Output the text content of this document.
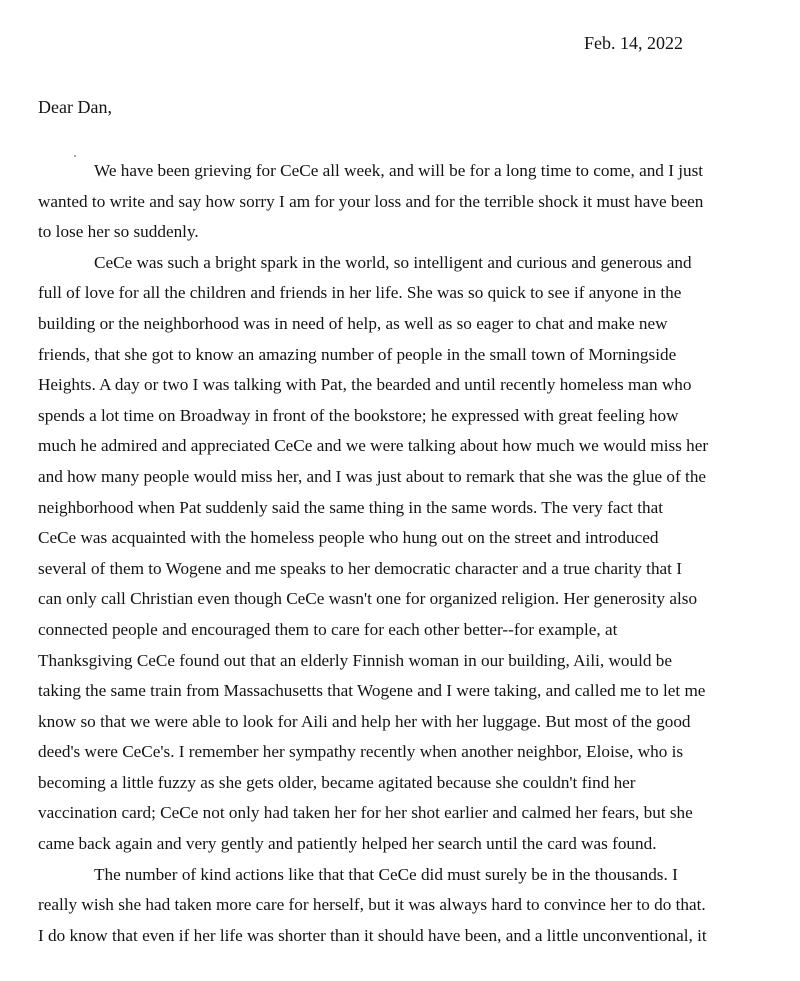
Feb. 14, 2022
Dear Dan,
We have been grieving for CeCe all week, and will be for a long time to come, and I just
wanted to write and say how sorry I am for your loss and for the terrible shock it must have been
to lose her so suddenly.
CeCe was such a bright spark in the world, so intelligent and curious and generous and
full of love for all the children and friends in her life. She was so quick to see if anyone in the
building or the neighborhood was in need of help, as well as so eager to chat and make new
friends, that she got to know an amazing number of people in the small town of Morningside
Heights. A day or two I was talking with Pat, the bearded and until recently homeless man who
spends a lot time on Broadway in front of the bookstore; he expressed with great feeling how
much he admired and appreciated CeCe and we were talking about how much we would miss her
and how many people would miss her, and I was just about to remark that she was the glue of the
neighborhood when Pat suddenly said the same thing in the same words. The very fact that
CeCe was acquainted with the homeless people who hung out on the street and introduced
several of them to Wogene and me speaks to her democratic character and a true charity that I
can only call Christian even though CeCe wasn't one for organized religion. Her generosity also
connected people and encouraged them to care for each other better--for example, at
Thanksgiving CeCe found out that an elderly Finnish woman in our building, Aili, would be
taking the same train from Massachusetts that Wogene and I were taking, and called me to let me
know so that we were able to look for Aili and help her with her luggage. But most of the good
deed's were CeCe's. I remember her sympathy recently when another neighbor, Eloise, who is
becoming a little fuzzy as she gets older, became agitated because she couldn't find her
vaccination card; CeCe not only had taken her for her shot earlier and calmed her fears, but she
came back again and very gently and patiently helped her search until the card was found.
The number of kind actions like that that CeCe did must surely be in the thousands. I
really wish she had taken more care for herself, but it was always hard to convince her to do that.
I do know that even if her life was shorter than it should have been, and a little unconventional, it
